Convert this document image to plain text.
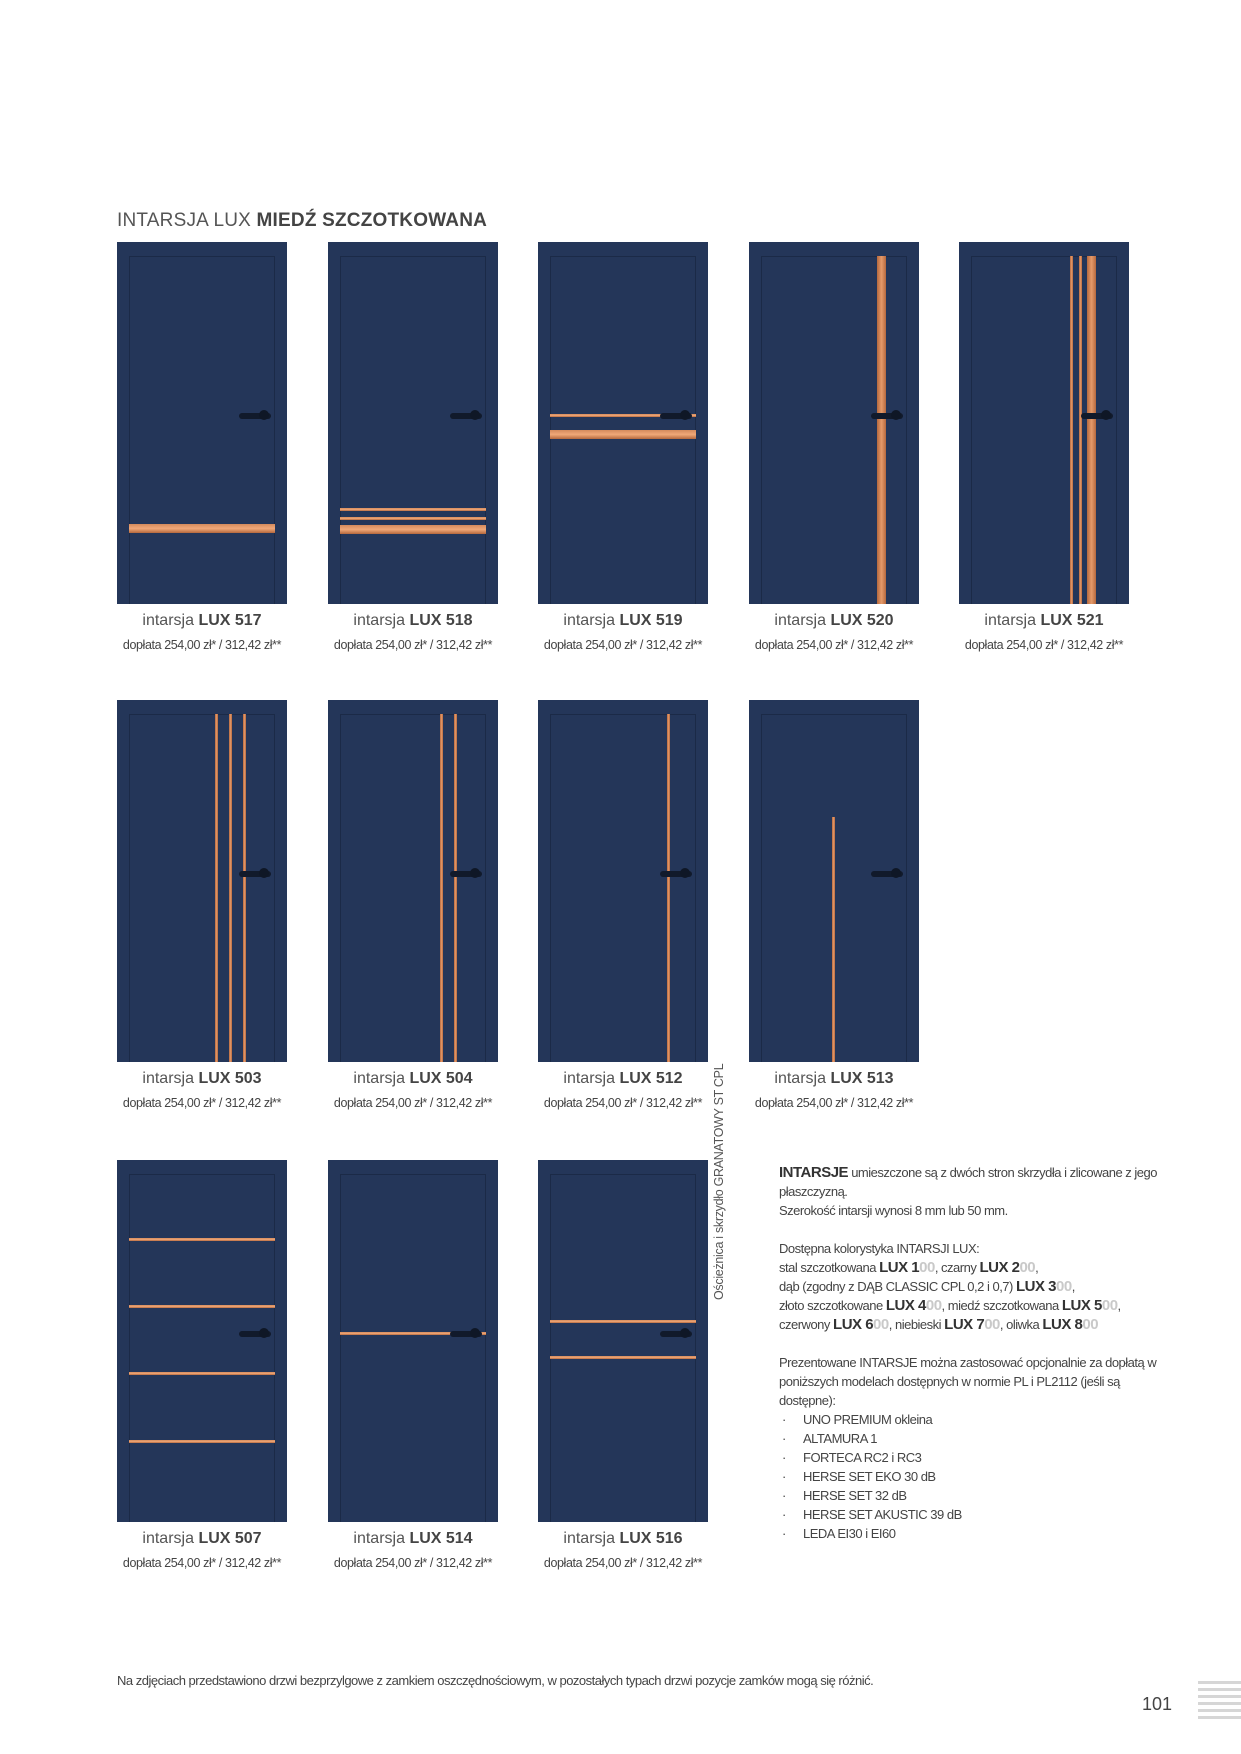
INTARSJA LUX MIEDŹ SZCZOTKOWANA
intarsja LUX 517
dopłata 254,00 zł* / 312,42 zł**
intarsja LUX 518
dopłata 254,00 zł* / 312,42 zł**
intarsja LUX 519
dopłata 254,00 zł* / 312,42 zł**
intarsja LUX 520
dopłata 254,00 zł* / 312,42 zł**
intarsja LUX 521
dopłata 254,00 zł* / 312,42 zł**
intarsja LUX 503
dopłata 254,00 zł* / 312,42 zł**
intarsja LUX 504
dopłata 254,00 zł* / 312,42 zł**
intarsja LUX 512
dopłata 254,00 zł* / 312,42 zł**
intarsja LUX 513
dopłata 254,00 zł* / 312,42 zł**
intarsja LUX 507
dopłata 254,00 zł* / 312,42 zł**
intarsja LUX 514
dopłata 254,00 zł* / 312,42 zł**
intarsja LUX 516
dopłata 254,00 zł* / 312,42 zł**
Ościeżnica i skrzydło GRANATOWY ST CPL	INTARSJE umieszczone są z dwóch stron skrzydła i zlicowane z jego płaszczyzną.
Szerokość intarsji wynosi 8 mm lub 50 mm.

Dostępna kolorystyka INTARSJI LUX:
stal szczotkowana LUX 100, czarny LUX 200,
dąb (zgodny z DĄB CLASSIC CPL 0,2 i 0,7) LUX 300,
złoto szczotkowane LUX 400, miedź szczotkowana LUX 500,
czerwony LUX 600, niebieski LUX 700, oliwka LUX 800

Prezentowane INTARSJE można zastosować opcjonalnie za dopłatą w poniższych modelach dostępnych w normie PL i PL2112 (jeśli są dostępne):

· UNO PREMIUM okleina
· ALTAMURA 1
· FORTECA RC2 i RC3
· HERSE SET EKO 30 dB
· HERSE SET 32 dB
· HERSE SET AKUSTIC 39 dB
· LEDA EI30 i EI60
Na zdjęciach przedstawiono drzwi bezprzylgowe z zamkiem oszczędnościowym, w pozostałych typach drzwi pozycje zamków mogą się różnić.
101
